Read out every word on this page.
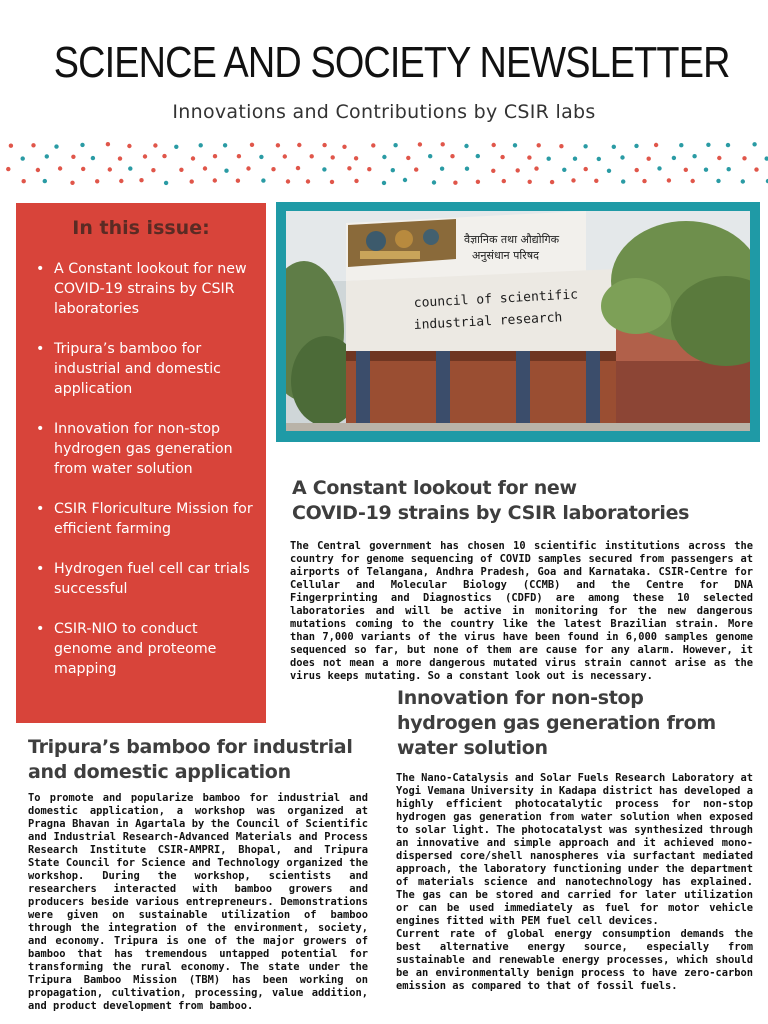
SCIENCE AND SOCIETY NEWSLETTER
Innovations and Contributions by CSIR labs
In this issue:
• A Constant lookout for new COVID-19 strains by CSIR laboratories
• Tripura’s bamboo for industrial and domestic application
• Innovation for non-stop hydrogen gas generation from water solution
• CSIR Floriculture Mission for efficient farming
• Hydrogen fuel cell car trials successful
• CSIR-NIO to conduct genome and proteome mapping
वैज्ञानिक तथा औद्योगिक
अनुसंधान परिषद
council of scientific
industrial research
A Constant lookout for new
COVID-19 strains by CSIR laboratories

The Central government has chosen 10 scientific institutions across the country for genome sequencing of COVID samples secured from passengers at airports of Telangana, Andhra Pradesh, Goa and Karnataka. CSIR-Centre for Cellular and Molecular Biology (CCMB) and the Centre for DNA Fingerprinting and Diagnostics (CDFD) are among these 10 selected laboratories and will be active in monitoring for the new dangerous mutations coming to the country like the latest Brazilian strain. More than 7,000 variants of the virus have been found in 6,000 samples genome sequenced so far, but none of them are cause for any alarm. However, it does not mean a more dangerous mutated virus strain cannot arise as the virus keeps mutating. So a constant look out is necessary.

Innovation for non-stop
hydrogen gas generation from
water solution

The Nano-Catalysis and Solar Fuels Research Laboratory at Yogi Vemana University in Kadapa district has developed a highly efficient photocatalytic process for non-stop hydrogen gas generation from water solution when exposed to solar light. The photocatalyst was synthesized through an innovative and simple approach and it achieved mono-dispersed core/shell nanospheres via surfactant mediated approach, the laboratory functioning under the department of materials science and nanotechnology has explained. The gas can be stored and carried for later utilization or can be used immediately as fuel for motor vehicle engines fitted with PEM fuel cell devices.

Current rate of global energy consumption demands the best alternative energy source, especially from sustainable and renewable energy processes, which should be an environmentally benign process to have zero-carbon emission as compared to that of fossil fuels.

Tripura’s bamboo for industrial
and domestic application

To promote and popularize bamboo for industrial and domestic application, a workshop was organized at Pragna Bhavan in Agartala by the Council of Scientific and Industrial Research-Advanced Materials and Process Research Institute CSIR-AMPRI, Bhopal, and Tripura State Council for Science and Technology organized the workshop. During the workshop, scientists and researchers interacted with bamboo growers and producers beside various entrepreneurs. Demonstrations were given on sustainable utilization of bamboo through the integration of the environment, society, and economy. Tripura is one of the major growers of bamboo that has tremendous untapped potential for transforming the rural economy. The state under the Tripura Bamboo Mission (TBM) has been working on propagation, cultivation, processing, value addition, and product development from bamboo.
